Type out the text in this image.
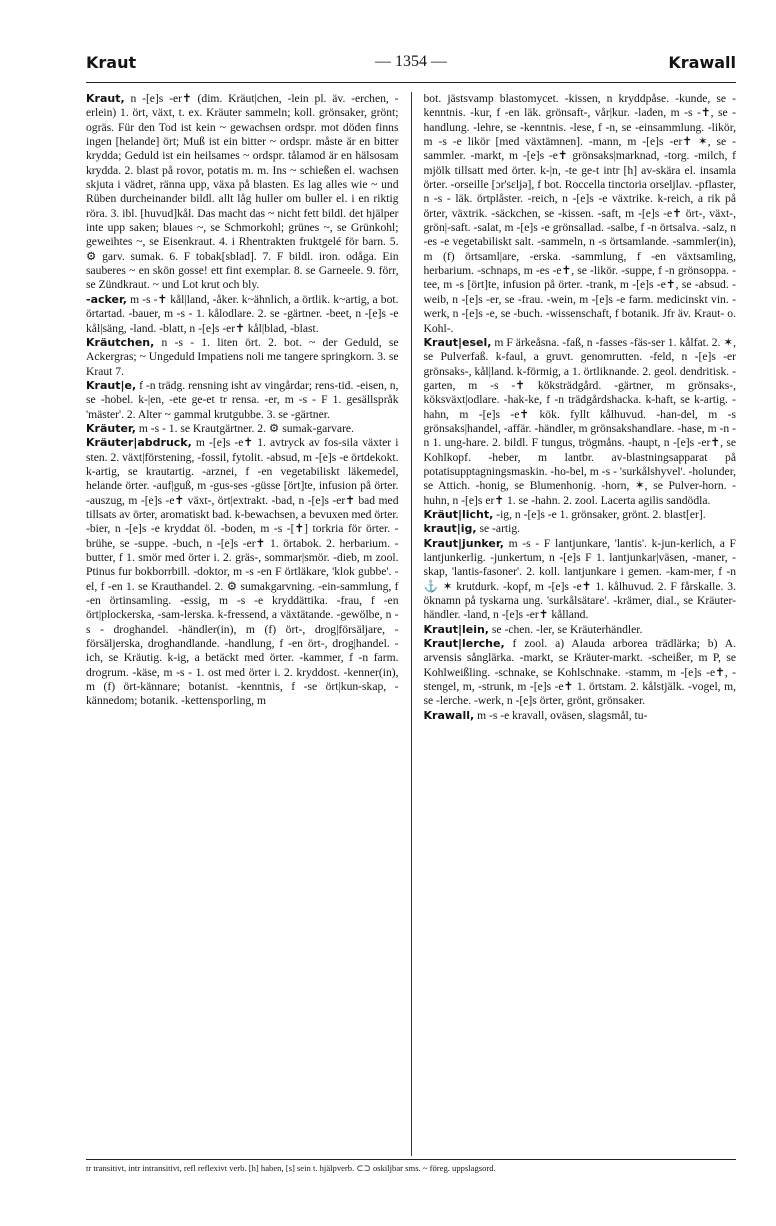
Kraut	— 1354 —	Krawall

Kraut, n -[e]s -er✝ (dim. Kräut|chen, -lein pl. äv. -erchen, -erlein) 1. ört, växt, t. ex. Kräuter sammeln; koll. grönsaker, grönt; ogräs. Für den Tod ist kein ~ gewachsen ordspr. mot döden finns ingen [helande] ört; Muß ist ein bitter ~ ordspr. måste är en bitter krydda; Geduld ist ein heilsames ~ ordspr. tålamod är en hälsosam krydda. 2. blast på rovor, potatis m. m. Ins ~ schießen el. wachsen skjuta i vädret, ränna upp, växa på blasten. Es lag alles wie ~ und Rüben durcheinander bildl. allt låg huller om buller el. i en riktig röra. 3. ibl. [huvud]kål. Das macht das ~ nicht fett bildl. det hjälper inte upp saken; blaues ~, se Schmorkohl; grünes ~, se Grünkohl; geweihtes ~, se Eisenkraut. 4. i Rhentrakten fruktgelé för barn. 5. ⚙ garv. sumak. 6. F tobak[sblad]. 7. F bildl. iron. odåga. Ein sauberes ~ en skön gosse! ett fint exemplar. 8. se Garneele. 9. förr, se Zündkraut. ~ und Lot krut och bly.

-acker, m -s -✝ kål|land, -åker. k~ähnlich, a örtlik. k~artig, a bot. örtartad. -bauer, m -s - 1. kålodlare. 2. se -gärtner. -beet, n -[e]s -e kål|säng, -land. -blatt, n -[e]s -er✝ kål|blad, -blast.

Kräutchen, n -s - 1. liten ört. 2. bot. ~ der Geduld, se Ackergras; ~ Ungeduld Impatiens noli me tangere springkorn. 3. se Kraut 7.

Kraut|e, f -n trädg. rensning isht av vingårdar; rens-tid. -eisen, n, se -hobel. k-|en, -ete ge-et tr rensa. -er, m -s - F 1. gesällspråk 'mäster'. 2. Alter ~ gammal krutgubbe. 3. se -gärtner.

Kräuter, m -s - 1. se Krautgärtner. 2. ⚙ sumak-garvare.

Kräuter|abdruck, m -[e]s -e✝ 1. avtryck av fos-sila växter i sten. 2. växt|förstening, -fossil, fytolit. -absud, m -[e]s -e örtdekokt. k-artig, se krautartig. -arznei, f -en vegetabiliskt läkemedel, helande örter. -auf|guß, m -gus-ses -güsse [ört]te, infusion på örter. -auszug, m -[e]s -e✝ växt-, ört|extrakt. -bad, n -[e]s -er✝ bad med tillsats av örter, aromatiskt bad. k-bewachsen, a bevuxen med örter. -bier, n -[e]s -e kryddat öl. -boden, m -s -[✝] torkria för örter. -brühe, se -suppe. -buch, n -[e]s -er✝ 1. örtabok. 2. herbarium. -butter, f 1. smör med örter i. 2. gräs-, sommar|smör. -dieb, m zool. Ptinus fur bokborrbill. -doktor, m -s -en F örtläkare, 'klok gubbe'. -el, f -en 1. se Krauthandel. 2. ⚙ sumakgarvning. -ein-sammlung, f -en örtinsamling. -essig, m -s -e kryddättika. -frau, f -en ört|plockerska, -sam-lerska. k-fressend, a växtätande. -gewölbe, n -s - droghandel. -händler(in), m (f) ört-, drog|försäljare, -försäljerska, droghandlande. -handlung, f -en ört-, drog|handel. -ich, se Kräutig. k-ig, a betäckt med örter. -kammer, f -n farm. drogrum. -käse, m -s - 1. ost med örter i. 2. kryddost. -kenner(in), m (f) ört-kännare; botanist. -kenntnis, f -se ört|kun-skap, -kännedom; botanik. -kettensporling, m

bot. jästsvamp blastomycet. -kissen, n kryddpåse. -kunde, se -kenntnis. -kur, f -en läk. grönsaft-, vår|kur. -laden, m -s -✝, se -handlung. -lehre, se -kenntnis. -lese, f -n, se -einsammlung. -likör, m -s -e likör [med växtämnen]. -mann, m -[e]s -er✝ ✶, se -sammler. -markt, m -[e]s -e✝ grönsaks|marknad, -torg. -milch, f mjölk tillsatt med örter. k-|n, -te ge-t intr [h] av-skära el. insamla örter. -orseille [ɔr'sɛljə], f bot. Roccella tinctoria orseljlav. -pflaster, n -s - läk. örtplåster. -reich, n -[e]s -e växtrike. k-reich, a rik på örter, växtrik. -säckchen, se -kissen. -saft, m -[e]s -e✝ ört-, växt-, grön|-saft. -salat, m -[e]s -e grönsallad. -salbe, f -n örtsalva. -salz, n -es -e vegetabiliskt salt. -sammeln, n -s örtsamlande. -sammler(in), m (f) örtsaml|are, -erska. -sammlung, f -en växtsamling, herbarium. -schnaps, m -es -e✝, se -likör. -suppe, f -n grönsoppa. -tee, m -s [ört]te, infusion på örter. -trank, m -[e]s -e✝, se -absud. -weib, n -[e]s -er, se -frau. -wein, m -[e]s -e farm. medicinskt vin. -werk, n -[e]s -e, se -buch. -wissenschaft, f botanik. Jfr äv. Kraut- o. Kohl-.

Kraut|esel, m F ärkeåsna. -faß, n -fasses -fäs-ser 1. kålfat. 2. ✶, se Pulverfaß. k-faul, a gruvt. genomrutten. -feld, n -[e]s -er grönsaks-, kål|land. k-förmig, a 1. örtliknande. 2. geol. dendritisk. -garten, m -s -✝ köksträdgård. -gärtner, m grönsaks-, köksväxt|odlare. -hak-ke, f -n trädgårdshacka. k-haft, se k-artig. -hahn, m -[e]s -e✝ kök. fyllt kålhuvud. -han-del, m -s grönsaks|handel, -affär. -händler, m grönsakshandlare. -hase, m -n -n 1. ung-hare. 2. bildl. F tungus, trögmåns. -haupt, n -[e]s -er✝, se Kohlkopf. -heber, m lantbr. av-blastningsapparat på potatisupptagningsmaskin. -ho-bel, m -s - 'surkålshyvel'. -holunder, se Attich. -honig, se Blumenhonig. -horn, ✶, se Pulver-horn. -huhn, n -[e]s er✝ 1. se -hahn. 2. zool. Lacerta agilis sandödla.

Kräut|licht, -ig, n -[e]s -e 1. grönsaker, grönt. 2. blast[er].

kraut|ig, se -artig.

Kraut|junker, m -s - F lantjunkare, 'lantis'. k-jun-kerlich, a F lantjunkerlig. -junkertum, n -[e]s F 1. lantjunkar|väsen, -maner, -skap, 'lantis-fasoner'. 2. koll. lantjunkare i gemen. -kam-mer, f -n ⚓ ✶ krutdurk. -kopf, m -[e]s -e✝ 1. kålhuvud. 2. F fårskalle. 3. öknamn på tyskarna ung. 'surkålsätare'. -krämer, dial., se Kräuter-händler. -land, n -[e]s -er✝ kålland.

Kraut|lein, se -chen. -ler, se Kräuterhändler.

Kraut|lerche, f zool. a) Alauda arborea trädlärka; b) A. arvensis sånglärka. -markt, se Kräuter-markt. -scheißer, m P, se Kohlweißling. -schnake, se Kohlschnake. -stamm, m -[e]s -e✝, -stengel, m, -strunk, m -[e]s -e✝ 1. örtstam. 2. kålstjälk. -vogel, m, se -lerche. -werk, n -[e]s örter, grönt, grönsaker.

Krawall, m -s -e kravall, oväsen, slagsmål, tu-

tr transitivt, intr intransitivt, refl reflexivt verb. [h] haben, [s] sein t. hjälpverb. ⊂⊃ oskiljbar sms. ~ föreg. uppslagsord.
